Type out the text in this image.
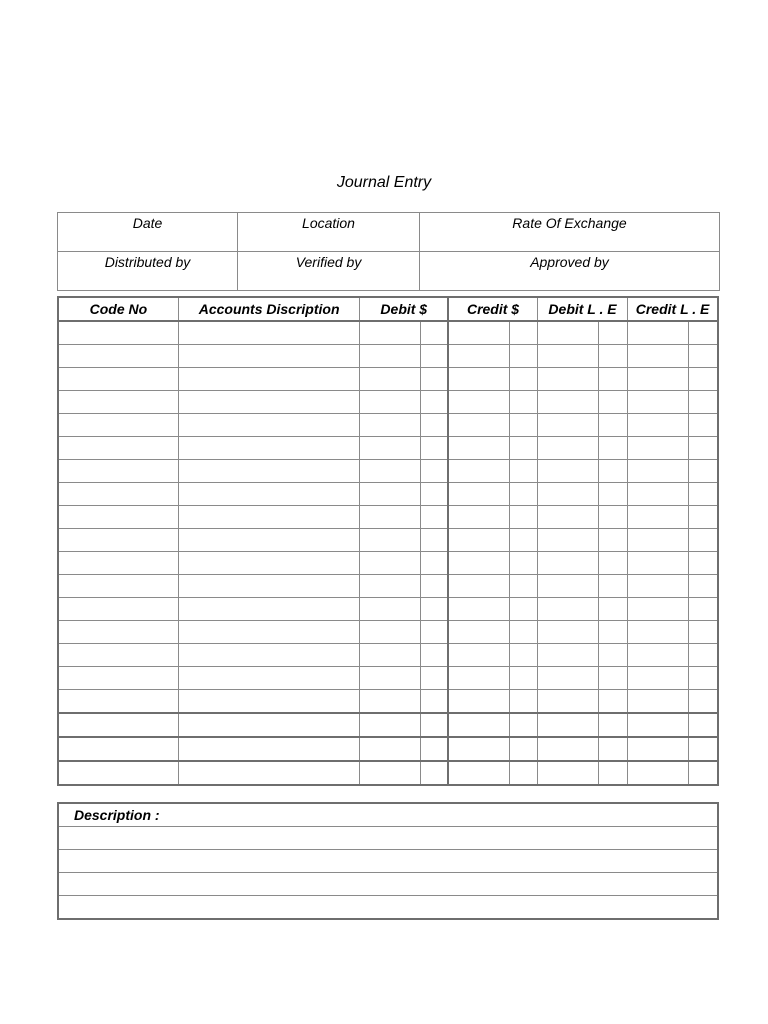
Journal Entry
Date	Location	Rate Of Exchange
Distributed by	Verified by	Approved by
Code No	Accounts Discription	Debit $		Credit $		Debit L . E		Credit L . E	

Description :
